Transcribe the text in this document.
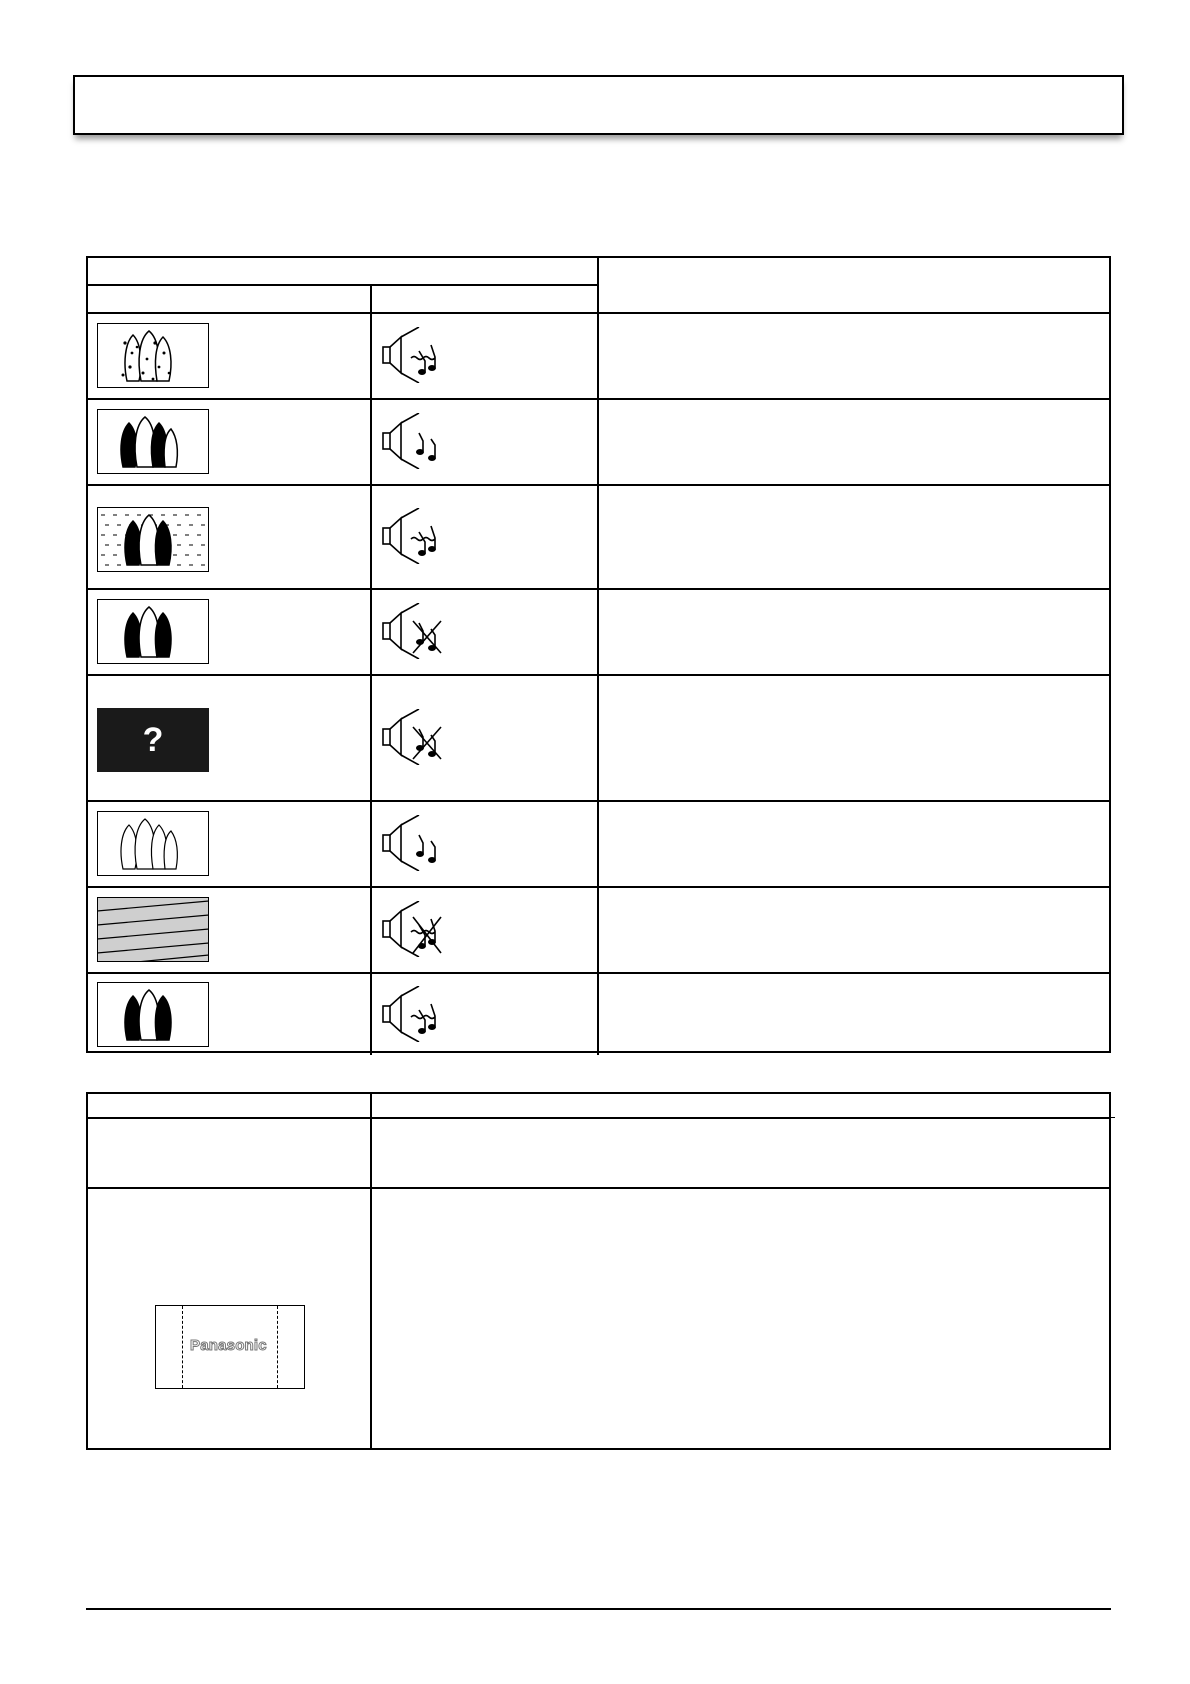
?
Panasonic
